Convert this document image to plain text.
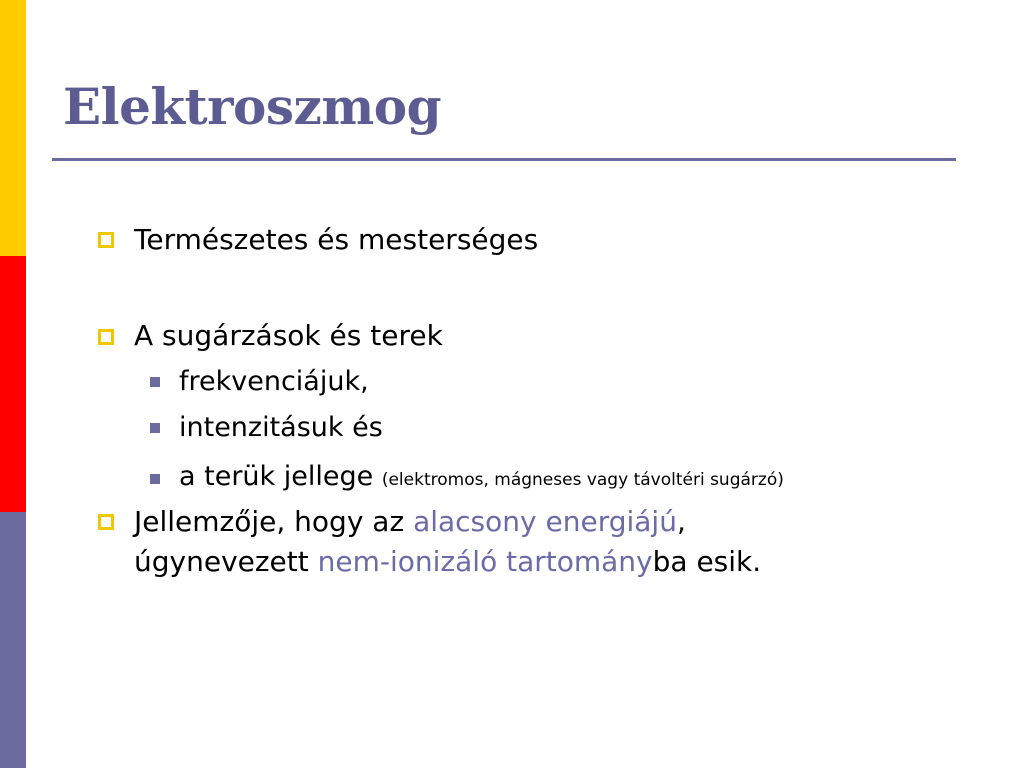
Elektroszmog
Természetes és mesterséges
A sugárzások és terek
frekvenciájuk,
intenzitásuk és
a terük jellege (elektromos, mágneses vagy távoltéri sugárzó)
Jellemzője, hogy az alacsony energiájú,
úgynevezett nem-ionizáló tartományba esik.
